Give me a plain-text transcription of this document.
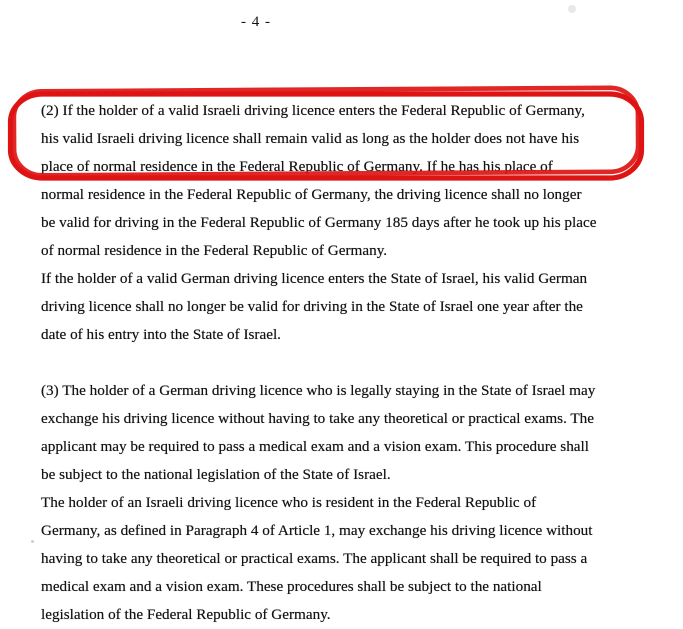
- 4 -
(2) If the holder of a valid Israeli driving licence enters the Federal Republic of Germany,
his valid Israeli driving licence shall remain valid as long as the holder does not have his
place of normal residence in the Federal Republic of Germany. If he has his place of
normal residence in the Federal Republic of Germany, the driving licence shall no longer
be valid for driving in the Federal Republic of Germany 185 days after he took up his place
of normal residence in the Federal Republic of Germany.
If the holder of a valid German driving licence enters the State of Israel, his valid German
driving licence shall no longer be valid for driving in the State of Israel one year after the
date of his entry into the State of Israel.
(3) The holder of a German driving licence who is legally staying in the State of Israel may
exchange his driving licence without having to take any theoretical or practical exams. The
applicant may be required to pass a medical exam and a vision exam. This procedure shall
be subject to the national legislation of the State of Israel.
The holder of an Israeli driving licence who is resident in the Federal Republic of
Germany, as defined in Paragraph 4 of Article 1, may exchange his driving licence without
having to take any theoretical or practical exams. The applicant shall be required to pass a
medical exam and a vision exam. These procedures shall be subject to the national
legislation of the Federal Republic of Germany.
